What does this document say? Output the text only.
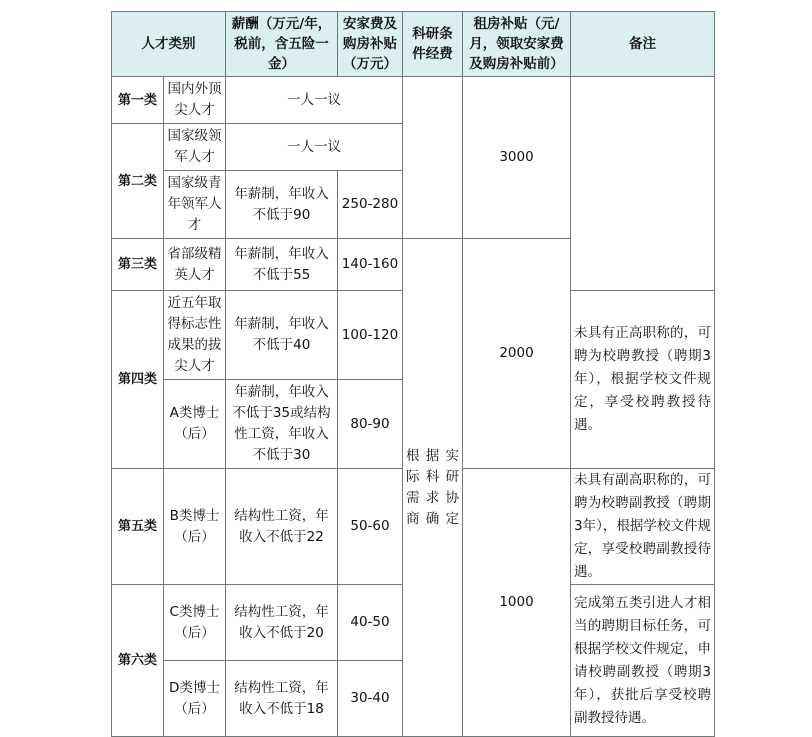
人才类别		薪酬（万元/年，税前，含五险一金）	安家费及购房补贴（万元）	科研条件经费	租房补贴（元/月，领取安家费及购房补贴前）	备注
第一类	国内外顶尖人才	一人一议			3000	
第二类	国家级领军人才	一人一议				
	国家级青年领军人才	年薪制，年收入不低于90	250-280			
第三类	省部级精英人才	年薪制，年收入不低于55	140-160	根据实际科研需求协商确定	2000	
第四类	近五年取得标志性成果的拔尖人才	年薪制，年收入不低于40	100-120			未具有正高职称的，可聘为校聘教授（聘期3年），根据学校文件规定，享受校聘教授待遇。
	A类博士（后）	年薪制，年收入不低于35或结构性工资，年收入不低于30	80-90			
第五类	B类博士（后）	结构性工资，年收入不低于22	50-60		1000	未具有副高职称的，可聘为校聘副教授（聘期3年），根据学校文件规定，享受校聘副教授待遇。
第六类	C类博士（后）	结构性工资，年收入不低于20	40-50			完成第五类引进人才相当的聘期目标任务，可根据学校文件规定，申请校聘副教授（聘期3年），获批后享受校聘副教授待遇。
	D类博士（后）	结构性工资，年收入不低于18	30-40			
